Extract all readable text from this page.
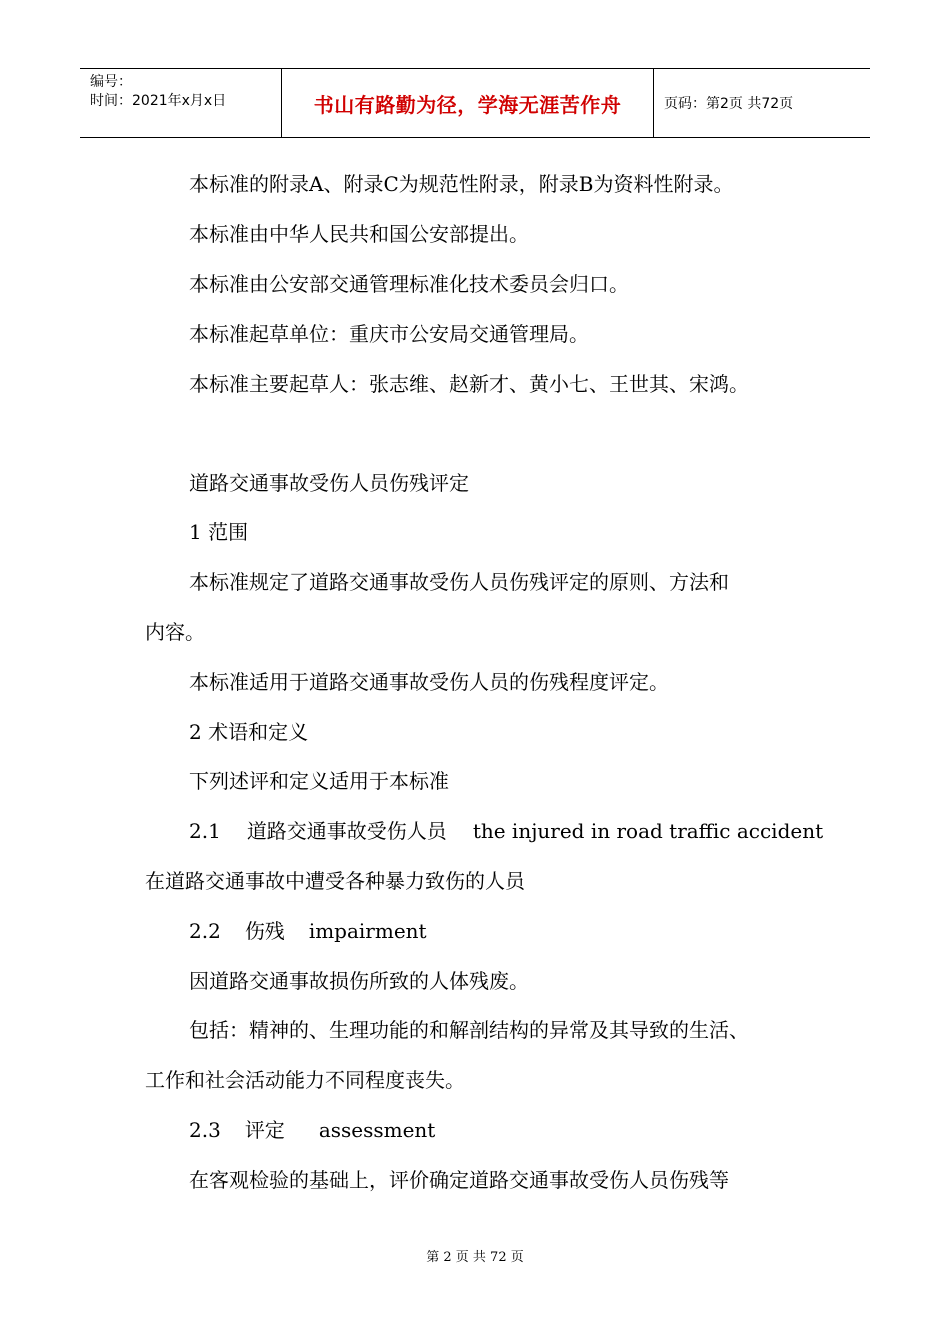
编号：
时间：2021年x月x日	书山有路勤为径，学海无涯苦作舟	页码：第2页 共72页
本标准的附录A、附录C为规范性附录，附录B为资料性附录。
本标准由中华人民共和国公安部提出。
本标准由公安部交通管理标准化技术委员会归口。
本标准起草单位：重庆市公安局交通管理局。
本标准主要起草人：张志维、赵新才、黄小七、王世其、宋鸿。
道路交通事故受伤人员伤残评定
1 范围
本标准规定了道路交通事故受伤人员伤残评定的原则、方法和
内容。
本标准适用于道路交通事故受伤人员的伤残程度评定。
2 术语和定义
下列述评和定义适用于本标准
2.1 道路交通事故受伤人员 the injured in road traffic accident
在道路交通事故中遭受各种暴力致伤的人员
2.2 伤残 impairment
因道路交通事故损伤所致的人体残废。
包括：精神的、生理功能的和解剖结构的异常及其导致的生活、
工作和社会活动能力不同程度丧失。
2.3 评定 assessment
在客观检验的基础上，评价确定道路交通事故受伤人员伤残等
第 2 页 共 72 页
